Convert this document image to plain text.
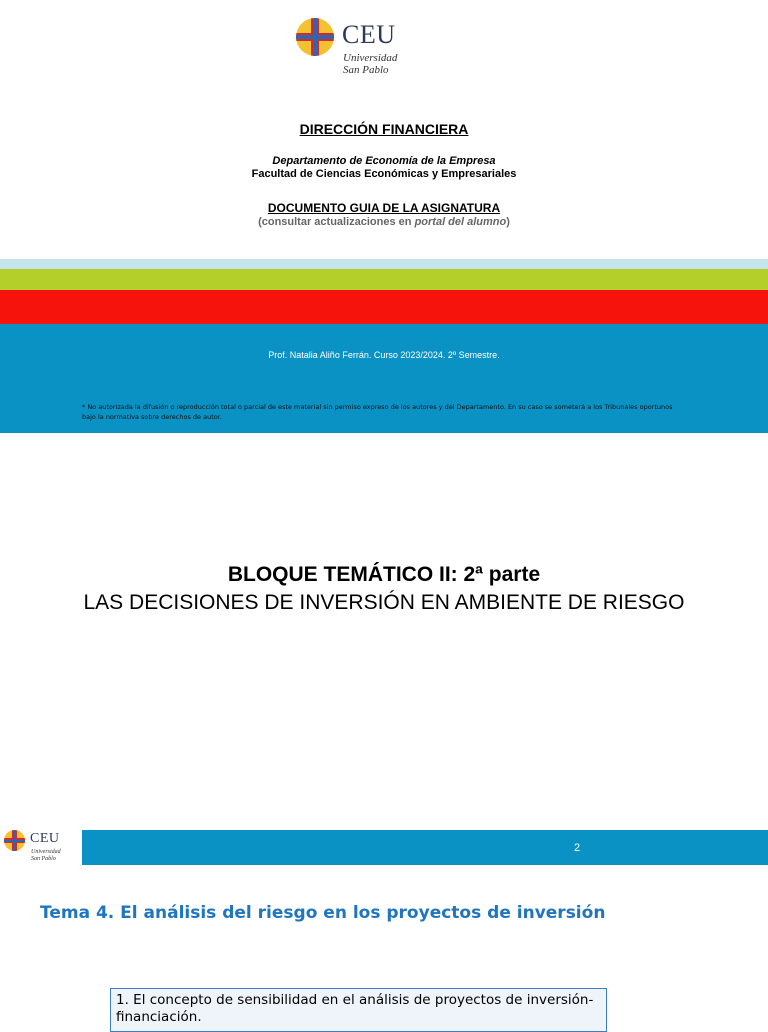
CEU
Universidad
San Pablo
DIRECCIÓN FINANCIERA
Departamento de Economía de la Empresa
Facultad de Ciencias Económicas y Empresariales
DOCUMENTO GUIA DE LA ASIGNATURA
(consultar actualizaciones en portal del alumno)
Prof. Natalia Aliño Ferrán. Curso 2023/2024. 2º Semestre.
* No autorizada la difusión o reproducción total o parcial de este material sin permiso expreso de los autores y del Departamento. En su caso se someterá a los Tribunales oportunos bajo la normativa sobre derechos de autor.
BLOQUE TEMÁTICO II: 2ª parte
LAS DECISIONES DE INVERSIÓN EN AMBIENTE DE RIESGO
CEU
Universidad
San Pablo
2
Tema 4. El análisis del riesgo en los proyectos de inversión
1. El concepto de sensibilidad en el análisis de proyectos de inversión- financiación.
